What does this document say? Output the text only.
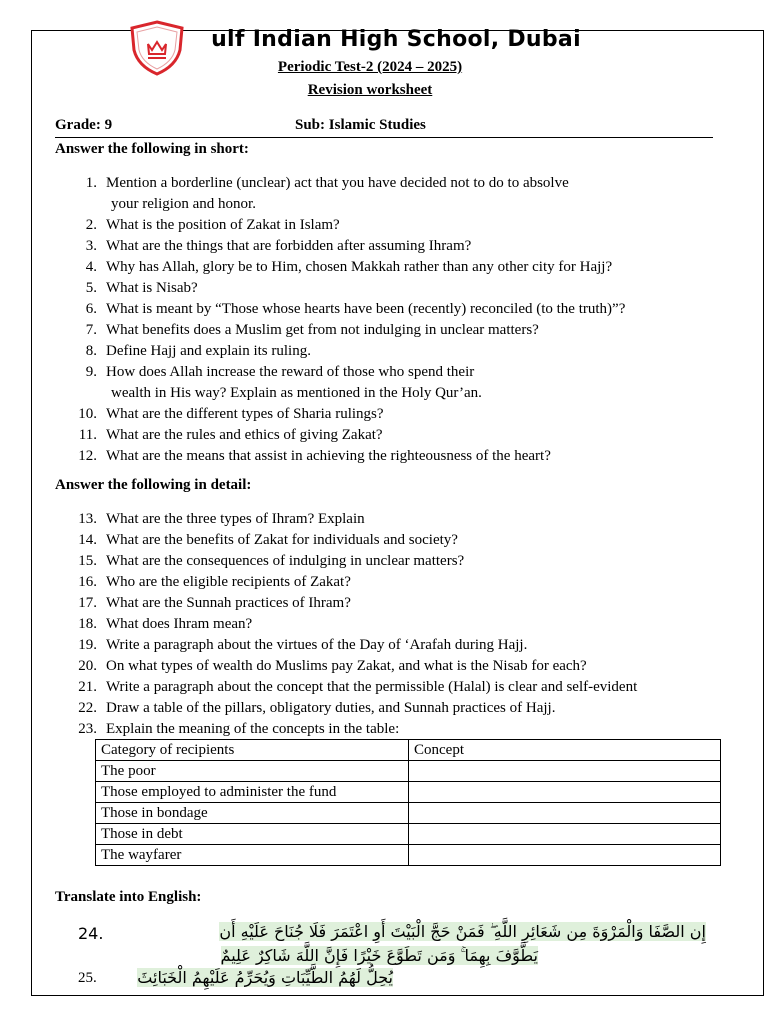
ulf Indian High School, Dubai
Periodic Test-2 (2024 – 2025)
Revision worksheet
Grade: 9	Sub: Islamic Studies
Answer the following in short:
1. Mention a borderline (unclear) act that you have decided not to do to absolve
your religion and honor.
2. What is the position of Zakat in Islam?
3. What are the things that are forbidden after assuming Ihram?
4. Why has Allah, glory be to Him, chosen Makkah rather than any other city for Hajj?
5. What is Nisab?
6. What is meant by “Those whose hearts have been (recently) reconciled (to the truth)”?
7. What benefits does a Muslim get from not indulging in unclear matters?
8. Define Hajj and explain its ruling.
9. How does Allah increase the reward of those who spend their
wealth in His way? Explain as mentioned in the Holy Qur’an.
10. What are the different types of Sharia rulings?
11. What are the rules and ethics of giving Zakat?
12. What are the means that assist in achieving the righteousness of the heart?
Answer the following in detail:
13. What are the three types of Ihram? Explain
14. What are the benefits of Zakat for individuals and society?
15. What are the consequences of indulging in unclear matters?
16. Who are the eligible recipients of Zakat?
17. What are the Sunnah practices of Ihram?
18. What does Ihram mean?
19. Write a paragraph about the virtues of the Day of ‘Arafah during Hajj.
20. On what types of wealth do Muslims pay Zakat, and what is the Nisab for each?
21. Write a paragraph about the concept that the permissible (Halal) is clear and self-evident
22. Draw a table of the pillars, obligatory duties, and Sunnah practices of Hajj.
23. Explain the meaning of the concepts in the table:
Category of recipients	Concept
The poor	
Those employed to administer the fund	
Those in bondage	
Those in debt	
The wayfarer	
Translate into English:
24.	إِن الصَّفَا وَالْمَرْوَةَ مِن شَعَائِرِ اللَّهِ ۖ فَمَنْ حَجَّ الْبَيْتَ أَوِ اعْتَمَرَ فَلَا جُنَاحَ عَلَيْهِ أَن
يَطَّوَّفَ بِهِمَا ۚ وَمَن تَطَوَّعَ خَيْرًا فَإِنَّ اللَّهَ شَاكِرٌ عَلِيمٌ
25.	يُحِلُّ لَهُمُ الطَّيِّبَاتِ وَيُحَرِّمُ عَلَيْهِمُ الْخَبَائِثَ
